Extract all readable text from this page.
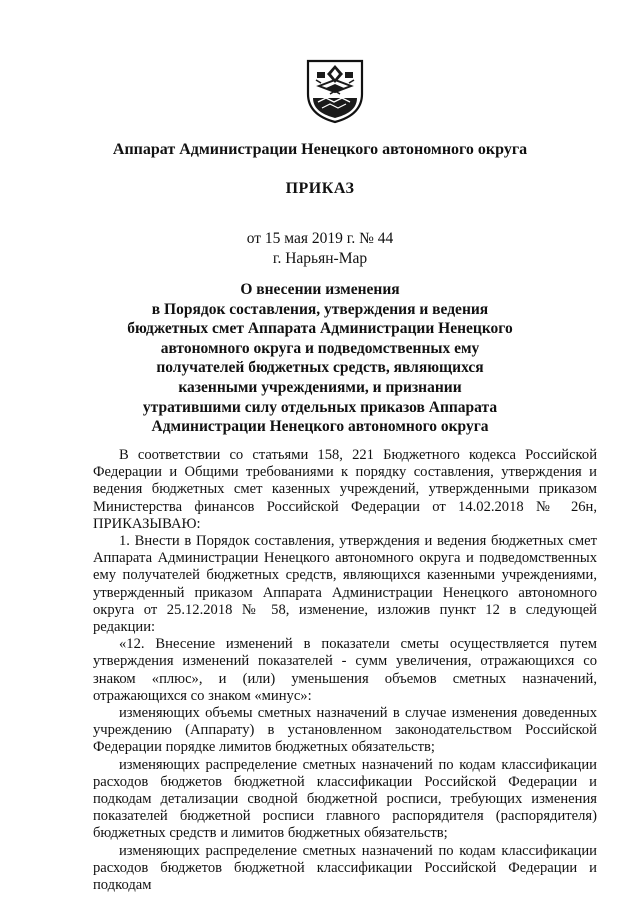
Аппарат Администрации Ненецкого автономного округа
ПРИКАЗ
от 15 мая 2019 г. № 44
г. Нарьян-Мар
О внесении изменения
в Порядок составления, утверждения и ведения
бюджетных смет Аппарата Администрации Ненецкого
автономного округа и подведомственных ему
получателей бюджетных средств, являющихся
казенными учреждениями, и признании
утратившими силу отдельных приказов Аппарата
Администрации Ненецкого автономного округа

В соответствии со статьями 158, 221 Бюджетного кодекса Российской Федерации и Общими требованиями к порядку составления, утверждения и ведения бюджетных смет казенных учреждений, утвержденными приказом Министерства финансов Российской Федерации от 14.02.2018 № 26н, ПРИКАЗЫВАЮ:

1. Внести в Порядок составления, утверждения и ведения бюджетных смет Аппарата Администрации Ненецкого автономного округа и подведомственных ему получателей бюджетных средств, являющихся казенными учреждениями, утвержденный приказом Аппарата Администрации Ненецкого автономного округа от 25.12.2018 № 58, изменение, изложив пункт 12 в следующей редакции:

«12. Внесение изменений в показатели сметы осуществляется путем утверждения изменений показателей - сумм увеличения, отражающихся со знаком «плюс», и (или) уменьшения объемов сметных назначений, отражающихся со знаком «минус»:

изменяющих объемы сметных назначений в случае изменения доведенных учреждению (Аппарату) в установленном законодательством Российской Федерации порядке лимитов бюджетных обязательств;

изменяющих распределение сметных назначений по кодам классификации расходов бюджетов бюджетной классификации Российской Федерации и подкодам детализации сводной бюджетной росписи, требующих изменения показателей бюджетной росписи главного распорядителя (распорядителя) бюджетных средств и лимитов бюджетных обязательств;

изменяющих распределение сметных назначений по кодам классификации расходов бюджетов бюджетной классификации Российской Федерации и подкодам
